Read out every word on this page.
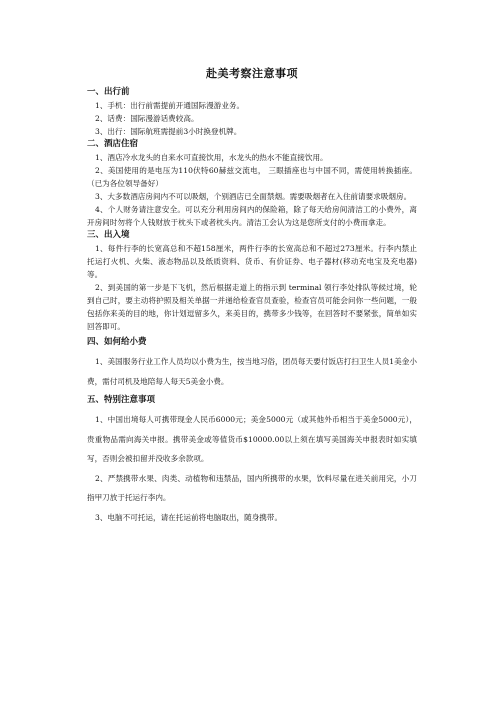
赴美考察注意事项
一、出行前
1、手机：出行前需提前开通国际漫游业务。
2、话费：国际漫游话费较高。
3、出行：国际航班需提前3小时换登机牌。
二、酒店住宿
1、酒店冷水龙头的自来水可直接饮用，水龙头的热水不能直接饮用。
2、美国使用的是电压为110伏特60赫兹交流电， 三眼插座也与中国不同，需使用转换插座。（已为各位领导备好）
3、大多数酒店房间内不可以吸烟，个别酒店已全面禁烟。需要吸烟者在入住前请要求吸烟房。
4、个人财务请注意安全。可以充分利用房间内的保险箱，除了每天给房间清洁工的小费外，离开房间时勿将个人钱财放于枕头下或者枕头内。清洁工会认为这是您所支付的小费而拿走。
三、出入境
1、每件行李的长宽高总和不超158厘米，两件行李的长宽高总和不超过273厘米。行李内禁止托运打火机、火柴、液态物品以及纸质资料、货币、有价证券、电子器材(移动充电宝及充电器)等。
2、到美国的第一步是下飞机，然后根据走道上的指示到 terminal 领行李处排队等候过境，轮到自己时，要主动将护照及相关单据一并递给检查官员查验，检查官员可能会问你一些问题，一般包括你来美的目的地，你计划逗留多久，来美目的，携带多少钱等，在回答时不要紧张，简单如实回答即可。
四、如何给小费
1、美国服务行业工作人员均以小费为生，按当地习俗，团员每天要付饭店打扫卫生人员1美金小费，需付司机及地陪每人每天5美金小费。
五、特别注意事项
1、中国出境每人可携带现金人民币6000元；美金5000元（或其他外币相当于美金5000元），贵重物品需向海关申报。携带美金或等值货币$10000.00以上须在填写美国海关申报表时如实填写，否则会被扣留并没收多余款项。
2、严禁携带水果、肉类、动植物和违禁品，国内所携带的水果，饮料尽量在进关前用完，小刀指甲刀放于托运行李内。
3、电脑不可托运，请在托运前将电脑取出，随身携带。
